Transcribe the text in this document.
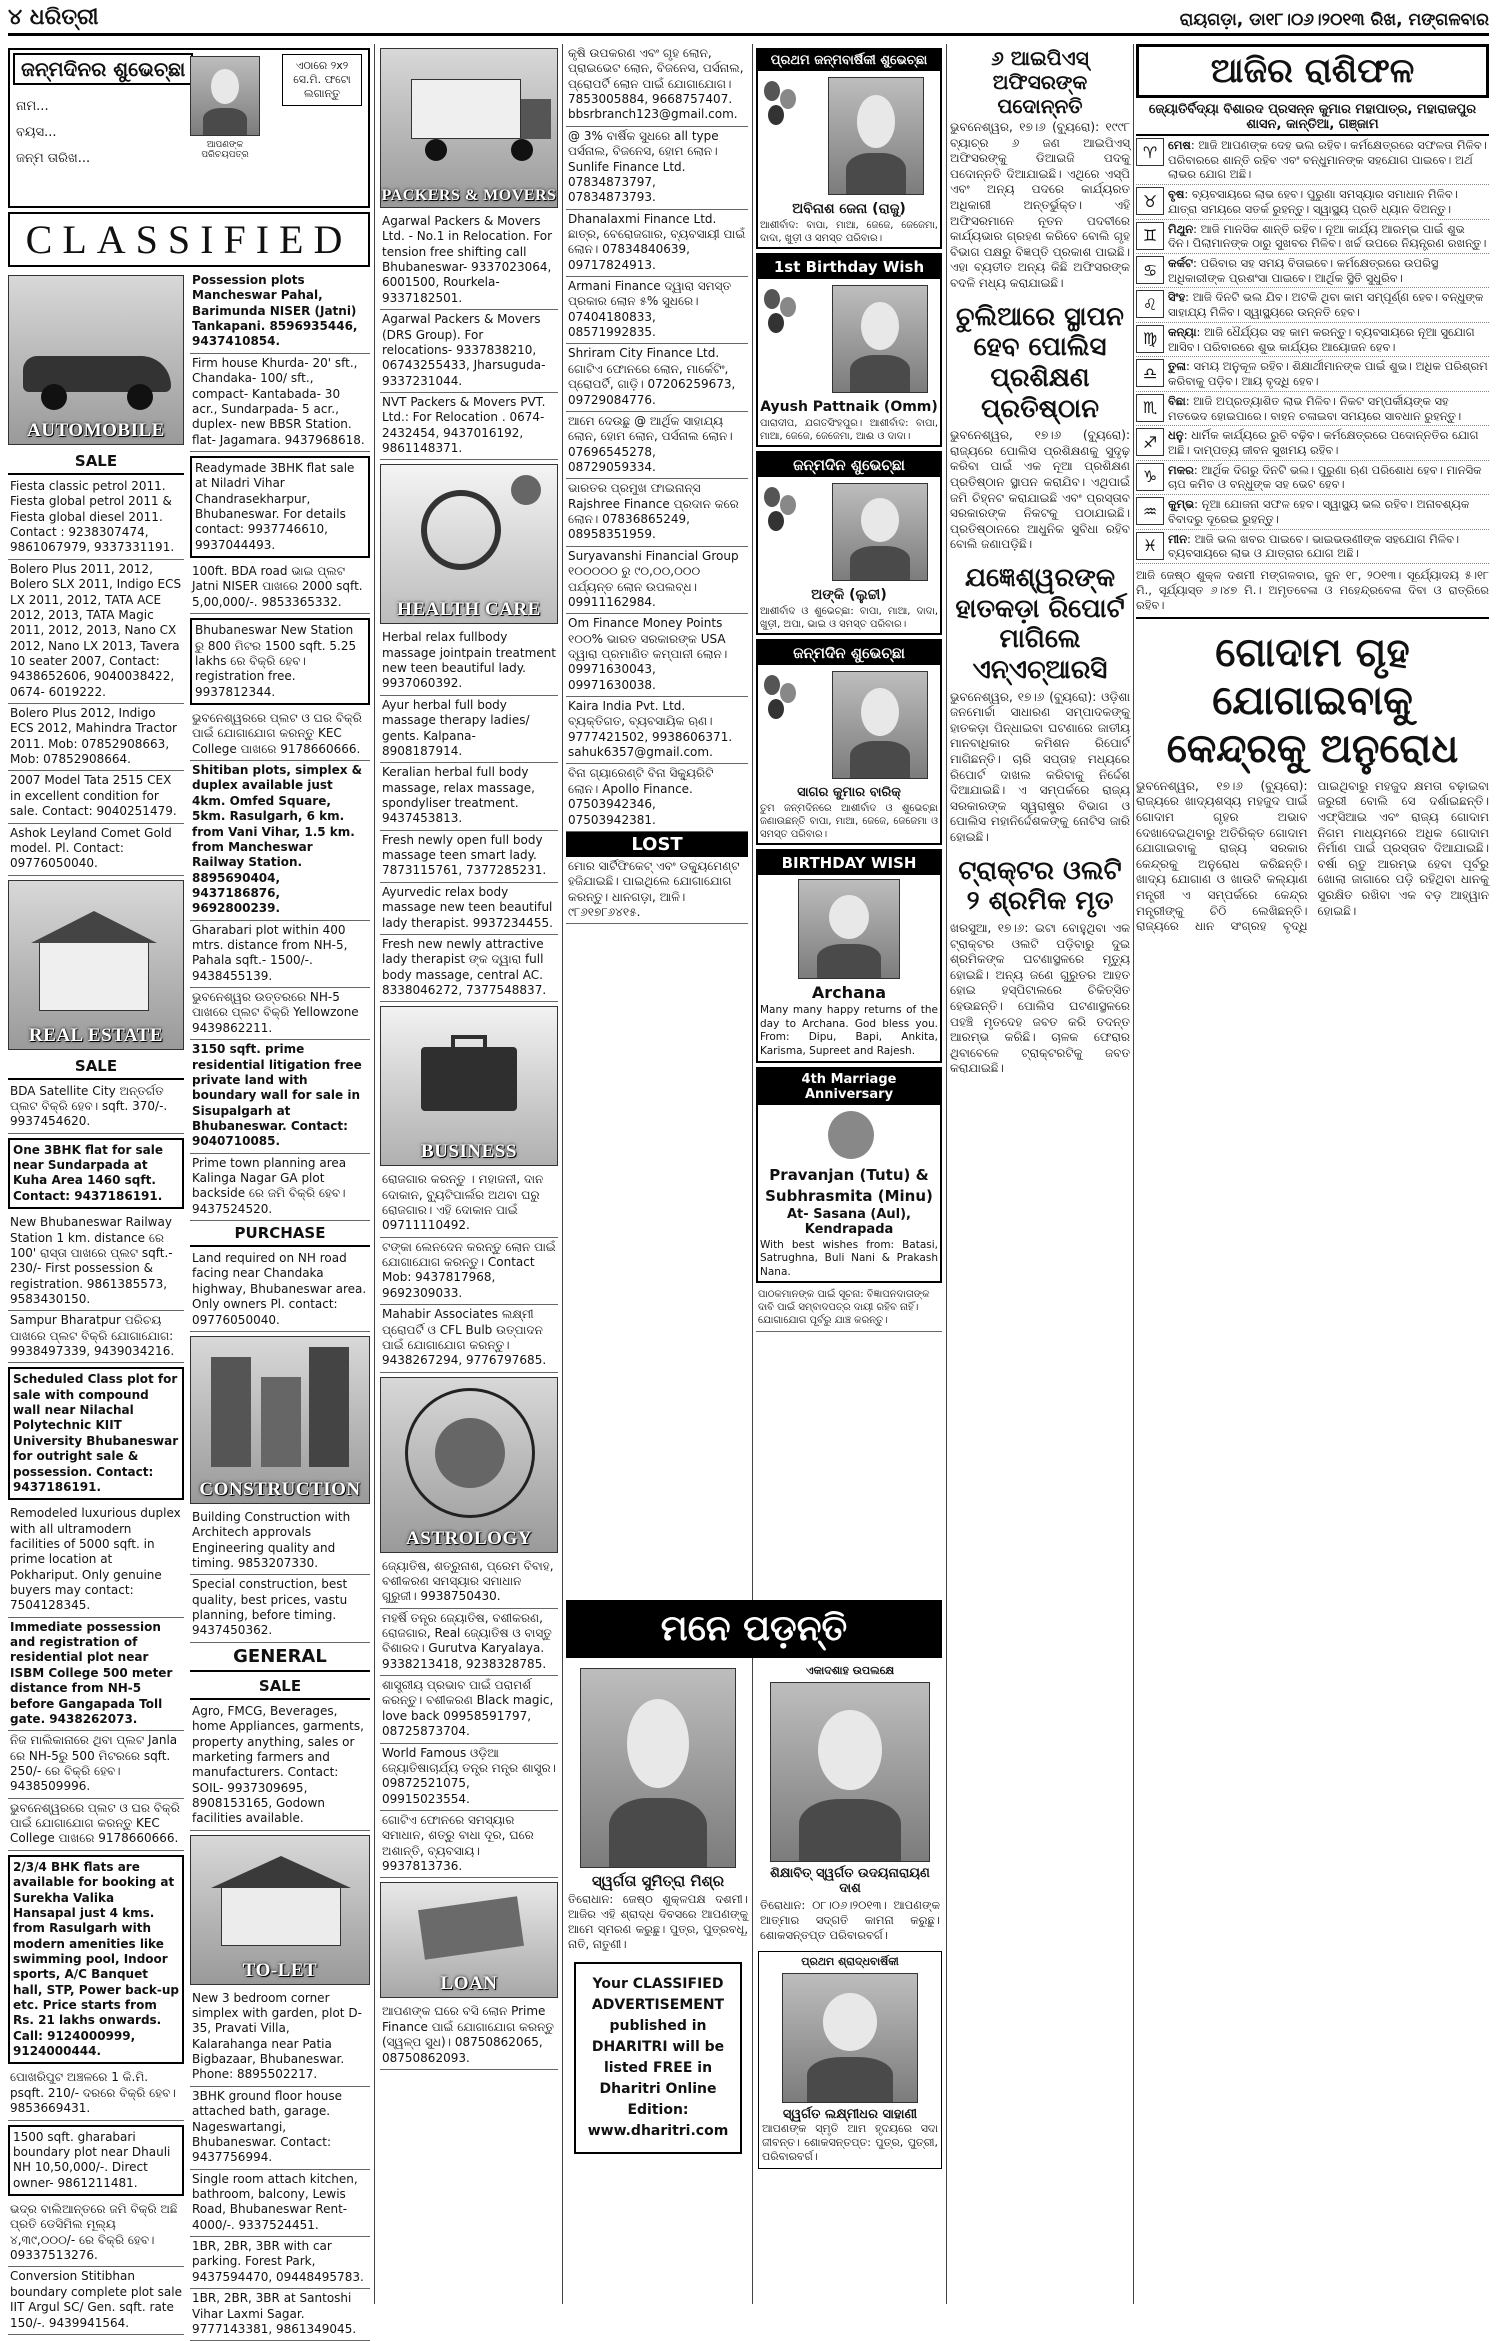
୪ ଧରିତ୍ରୀ	ରାୟଗଡ଼ା, ଡା୧୮।୦୬।୨୦୧୩ ରିଖ, ମଙ୍ଗଳବାର
ଜନ୍ମଦିନର ଶୁଭେଚ୍ଛା	ଏଠାରେ ୨x୨ ସେ.ମି. ଫଟୋ ଲଗାନ୍ତୁ
ଆପଣଙ୍କ ପରିଚୟପତ୍ର
ନାମ...
ବୟସ...
ଜନ୍ମ ତାରିଖ...
CLASSIFIED
AUTOMOBILE
SALE
Fiesta classic petrol 2011. Fiesta global petrol 2011 & Fiesta global diesel 2011. Contact : 9238307474, 9861067979, 9337331191.
Bolero Plus 2011, 2012, Bolero SLX 2011, Indigo ECS LX 2011, 2012, TATA ACE 2012, 2013, TATA Magic 2011, 2012, 2013, Nano CX 2012, Nano LX 2013, Tavera 10 seater 2007, Contact: 9438652606, 9040038422, 0674- 6019222.
Bolero Plus 2012, Indigo ECS 2012, Mahindra Tractor 2011. Mob: 07852908663, Mob: 07852908664.
2007 Model Tata 2515 CEX in excellent condition for sale. Contact: 9040251479.
Ashok Leyland Comet Gold model. Pl. Contact: 09776050040.
REAL ESTATE
SALE
BDA Satellite City ଅନ୍ତର୍ଗତ ପ୍ଲଟ ବିକ୍ରି ହେବ। sqft. 370/-. 9937454620.
One 3BHK flat for sale near Sundarpada at Kuha Area 1460 sqft. Contact: 9437186191.
New Bhubaneswar Railway Station 1 km. distance ରେ 100' ରାସ୍ତା ପାଖରେ ପ୍ଲଟ sqft.- 230/- First possession & registration. 9861385573, 9583430150.
Sampur Bharatpur ପରିଚୟ ପାଖରେ ପ୍ଲଟ ବିକ୍ରି ଯୋଗାଯୋଗ: 9938497339, 9439034216.
Scheduled Class plot for sale with compound wall near Nilachal Polytechnic KIIT University Bhubaneswar for outright sale & possession. Contact: 9437186191.
Remodeled luxurious duplex with all ultramodern facilities of 5000 sqft. in prime location at Pokhariput. Only genuine buyers may contact: 7504128345.
Immediate possession and registration of residential plot near ISBM College 500 meter distance from NH-5 before Gangapada Toll gate. 9438262073.
ନିଜ ମାଲିକାନାରେ ଥିବା ପ୍ଲଟ Janla ରେ NH-5ରୁ 500 ମିଟରରେ sqft. 250/- ରେ ବିକ୍ରି ହେବ। 9438509996.
ଭୁବନେଶ୍ୱରରେ ପ୍ଲଟ ଓ ଘର ବିକ୍ରି ପାଇଁ ଯୋଗାଯୋଗ କରନ୍ତୁ KEC College ପାଖରେ 9178660666.
2/3/4 BHK flats are available for booking at Surekha Valika Hansapal just 4 kms. from Rasulgarh with modern amenities like swimming pool, Indoor sports, A/C Banquet hall, STP, Power back-up etc. Price starts from Rs. 21 lakhs onwards. Call: 9124000999, 9124000444.
ପୋଖରିପୁଟ ଅଞ୍ଚଳରେ 1 କି.ମି. psqft. 210/- ଦରରେ ବିକ୍ରି ହେବ। 9853669431.
1500 sqft. gharabari boundary plot near Dhauli NH 10,50,000/-. Direct owner- 9861211481.
ଭଦ୍ର ବାଲିଆନ୍ତରେ ଜମି ବିକ୍ରି ଅଛି ପ୍ରତି ଡେସିମିଲ ମୂଲ୍ୟ ୪,୩୯,୦୦୦/- ରେ ବିକ୍ରି ହେବ। 09337513276.
Conversion Stitibhan boundary complete plot sale IIT Argul SC/ Gen. sqft. rate 150/-. 9439941564.
Possession plots Mancheswar Pahal, Barimunda NISER (Jatni) Tankapani. 8596935446, 9437410854.
Firm house Khurda- 20' sft., Chandaka- 100/ sft., compact- Kantabada- 30 acr., Sundarpada- 5 acr., duplex- new BBSR Station. flat- Jagamara. 9437968618.
Readymade 3BHK flat sale at Niladri Vihar Chandrasekharpur, Bhubaneswar. For details contact: 9937746610, 9937044493.
100ft. BDA road ଭାଇ ପ୍ଲଟ Jatni NISER ପାଖରେ 2000 sqft. 5,00,000/-. 9853365332.
Bhubaneswar New Station ରୁ 800 ମିଟର 1500 sqft. 5.25 lakhs ରେ ବିକ୍ରି ହେବ। registration free. 9937812344.
ଭୁବନେଶ୍ୱରରେ ପ୍ଲଟ ଓ ଘର ବିକ୍ରି ପାଇଁ ଯୋଗାଯୋଗ କରନ୍ତୁ KEC College ପାଖରେ 9178660666.
Shitiban plots, simplex & duplex available just 4km. Omfed Square, 5km. Rasulgarh, 6 km. from Vani Vihar, 1.5 km. from Mancheswar Railway Station. 8895690404, 9437186876, 9692800239.
Gharabari plot within 400 mtrs. distance from NH-5, Pahala sqft.- 1500/-. 9438455139.
ଭୁବନେଶ୍ୱର ଉତ୍ତରରେ NH-5 ପାଖରେ ପ୍ଲଟ ବିକ୍ରି Yellowzone 9439862211.
3150 sqft. prime residential litigation free private land with boundary wall for sale in Sisupalgarh at Bhubaneswar. Contact: 9040710085.
Prime town planning area Kalinga Nagar GA plot backside ରେ ଜମି ବିକ୍ରି ହେବ। 9437524520.
PURCHASE
Land required on NH road facing near Chandaka highway, Bhubaneswar area. Only owners Pl. contact: 09776050040.
CONSTRUCTION
Building Construction with Architech approvals Engineering quality and timing. 9853207330.
Special construction, best quality, best prices, vastu planning, before timing. 9437450362.
GENERAL
SALE
Agro, FMCG, Beverages, home Appliances, garments, property anything, sales or marketing farmers and manufacturers. Contact: SOIL- 9937309695, 8908153165, Godown facilities available.
TO-LET
New 3 bedroom corner simplex with garden, plot D-35, Pravati Villa, Kalarahanga near Patia Bigbazaar, Bhubaneswar. Phone: 8895502217.
3BHK ground floor house attached bath, garage. Nageswartangi, Bhubaneswar. Contact: 9437756994.
Single room attach kitchen, bathroom, balcony, Lewis Road, Bhubaneswar Rent- 4000/-. 9337524451.
1BR, 2BR, 3BR with car parking. Forest Park, 9437594470, 09448495783.
1BR, 2BR, 3BR at Santoshi Vihar Laxmi Sagar. 9777143381, 9861349045.
PACKERS & MOVERS
Agarwal Packers & Movers Ltd. - No.1 in Relocation. For tension free shifting call Bhubaneswar- 9337023064, 6001500, Rourkela- 9337182501.
Agarwal Packers & Movers (DRS Group). For relocations- 9337838210, 06743255433, Jharsuguda- 9337231044.
NVT Packers & Movers PVT. Ltd.: For Relocation . 0674-2432454, 9437016192, 9861148371.
HEALTH CARE
Herbal relax fullbody massage jointpain treatment new teen beautiful lady. 9937060392.
Ayur herbal full body massage therapy ladies/ gents. Kalpana- 8908187914.
Keralian herbal full body massage, relax massage, spondyliser treatment. 9437453813.
Fresh newly open full body massage teen smart lady. 7873115761, 7377285231.
Ayurvedic relax body massage new teen beautiful lady therapist. 9937234455.
Fresh new newly attractive lady therapist ଙ୍କ ଦ୍ୱାରା full body massage, central AC. 8338046272, 7377548837.
BUSINESS
ରୋଜଗାର କରନ୍ତୁ । ମହାଜନୀ, ଦାନ ଦୋକାନ, ବ୍ୟୁଟିପାର୍ଲର ଅଥବା ଘରୁ ରୋଜଗାର। ଏହି ଦୋକାନ ପାଇଁ 09711110492.
ଟଙ୍କା ଲେନଦେନ କରନ୍ତୁ ଲୋନ ପାଇଁ ଯୋଗାଯୋଗ କରନ୍ତୁ। Contact Mob: 9437817968, 9692309033.
Mahabir Associates ଲକ୍ଷ୍ମୀ ପ୍ରୋପର୍ଟି ଓ CFL Bulb ଉତ୍ପାଦନ ପାଇଁ ଯୋଗାଯୋଗ କରନ୍ତୁ। 9438267294, 9776797685.
ASTROLOGY
ଜ୍ୟୋତିଷ, ଶତ୍ରୁନାଶ, ପ୍ରେମ ବିବାହ, ବଶୀକରଣ ସମସ୍ୟାର ସମାଧାନ ଗୁରୁଜୀ। 9938750430.
ମହର୍ଷି ତନ୍ତ୍ର ଜ୍ୟୋତିଷ, ବଶୀକରଣ, ରୋଜଗାର, Real ଜ୍ୟୋତିଷ ଓ ବାସ୍ତୁ ବିଶାରଦ। Gurutva Karyalaya. 9338213418, 9238328785.
ଶାସ୍ତ୍ରୀୟ ପ୍ରଭାବ ପାଇଁ ପରାମର୍ଶ କରନ୍ତୁ। ବଶୀକରଣ Black magic, love back 09958591797, 08725873704.
World Famous ଓଡ଼ିଆ ଜ୍ୟୋତିଷାଚାର୍ଯ୍ୟ ତନ୍ତ୍ର ମନ୍ତ୍ର ଶାସ୍ତ୍ର। 09872521075, 09915023554.
ଗୋଟିଏ ଫୋନରେ ସମସ୍ୟାର ସମାଧାନ, ଶତ୍ରୁ ବାଧା ଦୂର, ଘରେ ଅଶାନ୍ତି, ବ୍ୟବସାୟ। 9937813736.
LOAN
ଆପଣଙ୍କ ଘରେ ବସି ଲୋନ Prime Finance ପାଇଁ ଯୋଗାଯୋଗ କରନ୍ତୁ (ସ୍ୱଳ୍ପ ସୁଧ)। 08750862065, 08750862093.
କୃଷି ଉପକରଣ ଏବଂ ଗୃହ ଲୋନ, ପ୍ରାଇଭେଟ ଲୋନ, ବିଜନେସ, ପର୍ସନାଲ, ପ୍ରୋପର୍ଟି ଲୋନ ପାଇଁ ଯୋଗାଯୋଗ। 7853005884, 9668757407. bbsrbranch123@gmail.com.
@ 3% ବାର୍ଷିକ ସୁଧରେ all type ପର୍ସନାଲ, ବିଜନେସ, ହୋମ ଲୋନ। Sunlife Finance Ltd. 07834873797, 07834873793.
Dhanalaxmi Finance Ltd. ଛାତ୍ର, ବେରୋଜଗାର, ବ୍ୟବସାୟୀ ପାଇଁ ଲୋନ। 07834840639, 09717824913.
Armani Finance ଦ୍ୱାରା ସମସ୍ତ ପ୍ରକାର ଲୋନ ୫% ସୁଧରେ। 07404180833, 08571992835.
Shriram City Finance Ltd. ଗୋଟିଏ ଫୋନରେ ଲୋନ, ମାର୍କେଟିଂ, ପ୍ରୋପର୍ଟି, ଗାଡ଼ି। 07206259673, 09729084776.
ଆମେ ଦେଉଛୁ @ ଆର୍ଥିକ ସାହାଯ୍ୟ ଲୋନ, ହୋମ ଲୋନ, ପର୍ସନାଲ ଲୋନ। 07696545278, 08729059334.
ଭାରତର ପ୍ରମୁଖ ଫାଇନାନ୍ସ Rajshree Finance ପ୍ରଦାନ କରେ ଲୋନ। 07836865249, 08958351959.
Suryavanshi Financial Group ୧୦୦୦୦୦ ରୁ ୯୦,୦୦,୦୦୦ ପର୍ଯ୍ୟନ୍ତ ଲୋନ ଉପଲବ୍ଧ। 09911162984.
Om Finance Money Points ୧୦୦% ଭାରତ ସରକାରଙ୍କ USA ଦ୍ୱାରା ପ୍ରମାଣିତ କମ୍ପାନୀ ଲୋନ। 09971630043, 09971630038.
Kaira India Pvt. Ltd. ବ୍ୟକ୍ତିଗତ, ବ୍ୟବସାୟିକ ଋଣ। 9777421502, 9938606371. sahuk6357@gmail.com.
ବିନା ଗ୍ୟାରେଣ୍ଟି ବିନା ସିକ୍ୟୁରିଟି ଲୋନ। Apollo Finance. 07503942346, 07503942381.
LOST
ମୋର ସାର୍ଟିଫିକେଟ୍ ଏବଂ ଡକ୍ୟୁମେଣ୍ଟ ହଜିଯାଇଛି। ପାଇଥିଲେ ଯୋଗାଯୋଗ କରନ୍ତୁ। ଧାନଗଡ଼ା, ଆଳି। ୯୮୬୧୭୮୬୪୧୫.
ମନେ ପଡ଼ନ୍ତି
ସ୍ୱର୍ଗତା ସୁମିତ୍ରା ମିଶ୍ର
ତିରୋଧାନ: ଜେଷ୍ଠ ଶୁକ୍ଳପକ୍ଷ ଦଶମୀ। ଆଜିର ଏହି ଶ୍ରାଦ୍ଧ ଦିବସରେ ଆପଣଙ୍କୁ ଆମେ ସ୍ମରଣ କରୁଛୁ। ପୁତ୍ର, ପୁତ୍ରବଧୂ, ନାତି, ନାତୁଣୀ।
Your CLASSIFIED ADVERTISEMENT published in DHARITRI will be listed FREE in Dharitri Online Edition: www.dharitri.com
ଏକାଦଶାହ ଉପଲକ୍ଷେ
ଶିକ୍ଷାବିତ୍ ସ୍ୱର୍ଗତ ଉଦୟନାରାୟଣ ଦାଶ
ତିରୋଧାନ: ୦୮।୦୬।୨୦୧୩। ଆପଣଙ୍କ ଆତ୍ମାର ସଦ୍‌ଗତି କାମନା କରୁଛୁ। ଶୋକସନ୍ତପ୍ତ ପରିବାରବର୍ଗ।
ପ୍ରଥମ ଶ୍ରାଦ୍ଧବାର୍ଷିକୀ
ସ୍ୱର୍ଗତ ଲକ୍ଷ୍ମୀଧର ସାହାଣୀ
ଆପଣଙ୍କ ସ୍ମୃତି ଆମ ହୃଦୟରେ ସଦା ଜୀବନ୍ତ। ଶୋକସନ୍ତପ୍ତ: ପୁତ୍ର, ପୁତ୍ରୀ, ପରିବାରବର୍ଗ।
ପ୍ରଥମ ଜନ୍ମବାର୍ଷିକୀ ଶୁଭେଚ୍ଛା
ଅବିନାଶ ଜେନା (ରାଜୁ)
ଆଶୀର୍ବାଦ: ବାପା, ମାଆ, ଜେଜେ, ଜେଜେମା, ଦାଦା, ଖୁଡ଼ୀ ଓ ସମସ୍ତ ପରିବାର।
1st Birthday Wish
Ayush Pattnaik (Omm)
ପାରାଦୀପ, ଯଗତସିଂହପୁର। ଆଶୀର୍ବାଦ: ବାପା, ମାଆ, ଜେଜେ, ଜେଜେମା, ଆଈ ଓ ଦାଦା।
ଜନ୍ମଦିନ ଶୁଭେଚ୍ଛା
ଅଙ୍କି (ଲୁଚ୍ଚୀ)
ଆଶୀର୍ବାଦ ଓ ଶୁଭେଚ୍ଛା: ବାପା, ମାଆ, ଦାଦା, ଖୁଡ଼ୀ, ଅପା, ଭାଇ ଓ ସମସ୍ତ ପରିବାର।
ଜନ୍ମଦିନ ଶୁଭେଚ୍ଛା
ସାଗର କୁମାର ବାରିକ୍
ତୁମ ଜନ୍ମଦିନରେ ଆଶୀର୍ବାଦ ଓ ଶୁଭେଚ୍ଛା ଜଣାଉଛନ୍ତି ବାପା, ମାଆ, ଜେଜେ, ଜେଜେମା ଓ ସମସ୍ତ ପରିବାର।
BIRTHDAY WISH
Archana
Many many happy returns of the day to Archana. God bless you. From: Dipu, Bapi, Ankita, Karisma, Supreet and Rajesh.
4th Marriage Anniversary
Pravanjan (Tutu) & Subhrasmita (Minu)
At- Sasana (Aul), Kendrapada
With best wishes from: Batasi, Satrughna, Buli Nani & Prakash Nana.
ପାଠକମାନଙ୍କ ପାଇଁ ସୂଚନା: ବିଜ୍ଞାପନଦାତାଙ୍କ ଦାବି ପାଇଁ ସମ୍ବାଦପତ୍ର ଦାୟୀ ରହିବ ନାହିଁ। ଯୋଗାଯୋଗ ପୂର୍ବରୁ ଯାଞ୍ଚ କରନ୍ତୁ।
୬ ଆଇପିଏସ୍ ଅଫିସରଙ୍କ ପଦୋନ୍ନତି
ଭୁବନେଶ୍ୱର, ୧୭।୬ (ବ୍ୟୁରୋ): ୧୯୯୮ ବ୍ୟାଚ୍‌ର ୬ ଜଣ ଆଇପିଏସ୍ ଅଫିସରଙ୍କୁ ଡିଆଇଜି ପଦକୁ ପଦୋନ୍ନତି ଦିଆଯାଇଛି। ଏଥିରେ ଏସ୍‌ପି ଏବଂ ଅନ୍ୟ ପଦରେ କାର୍ଯ୍ୟରତ ଅଧିକାରୀ ଅନ୍ତର୍ଭୁକ୍ତ। ଏହି ଅଫିସରମାନେ ନୂତନ ପଦବୀରେ କାର୍ଯ୍ୟଭାର ଗ୍ରହଣ କରିବେ ବୋଲି ଗୃହ ବିଭାଗ ପକ୍ଷରୁ ବିଜ୍ଞପ୍ତି ପ୍ରକାଶ ପାଇଛି। ଏହା ବ୍ୟତୀତ ଅନ୍ୟ କିଛି ଅଫିସରଙ୍କ ବଦଳି ମଧ୍ୟ କରାଯାଇଛି।
ଚୁଲିଆରେ ସ୍ଥାପନ ହେବ ପୋଲିସ ପ୍ରଶିକ୍ଷଣ ପ୍ରତିଷ୍ଠାନ
ଭୁବନେଶ୍ୱର, ୧୭।୬ (ବ୍ୟୁରୋ): ରାଜ୍ୟରେ ପୋଲିସ ପ୍ରଶିକ୍ଷଣକୁ ସୁଦୃଢ଼ କରିବା ପାଇଁ ଏକ ନୂଆ ପ୍ରଶିକ୍ଷଣ ପ୍ରତିଷ୍ଠାନ ସ୍ଥାପନ କରାଯିବ। ଏଥିପାଇଁ ଜମି ଚିହ୍ନଟ କରାଯାଇଛି ଏବଂ ପ୍ରସ୍ତାବ ସରକାରଙ୍କ ନିକଟକୁ ପଠାଯାଇଛି। ପ୍ରତିଷ୍ଠାନରେ ଆଧୁନିକ ସୁବିଧା ରହିବ ବୋଲି ଜଣାପଡ଼ିଛି।
ଯଜ୍ଞେଶ୍ୱରଙ୍କ ହାତକଡ଼ା ରିପୋର୍ଟ ମାଗିଲେ ଏନ୍‌ଏଚ୍‌ଆରସି
ଭୁବନେଶ୍ୱର, ୧୭।୬ (ବ୍ୟୁରୋ): ଓଡ଼ିଶା ଜନମୋର୍ଚ୍ଚା ସାଧାରଣ ସମ୍ପାଦକଙ୍କୁ ହାତକଡ଼ା ପିନ୍ଧାଇବା ଘଟଣାରେ ଜାତୀୟ ମାନବାଧିକାର କମିଶନ ରିପୋର୍ଟ ମାଗିଛନ୍ତି। ଚାରି ସପ୍ତାହ ମଧ୍ୟରେ ରିପୋର୍ଟ ଦାଖଲ କରିବାକୁ ନିର୍ଦ୍ଦେଶ ଦିଆଯାଇଛି। ଏ ସମ୍ପର୍କରେ ରାଜ୍ୟ ସରକାରଙ୍କ ସ୍ୱରାଷ୍ଟ୍ର ବିଭାଗ ଓ ପୋଲିସ ମହାନିର୍ଦ୍ଦେଶକଙ୍କୁ ନୋଟିସ ଜାରି ହୋଇଛି।
ଟ୍ରାକ୍ଟର ଓଲଟି ୨ ଶ୍ରମିକ ମୃତ
ଖରସୁଆ, ୧୭।୬: ଇଟା ବୋହୁଥିବା ଏକ ଟ୍ରାକ୍ଟର ଓଲଟି ପଡ଼ିବାରୁ ଦୁଇ ଶ୍ରମିକଙ୍କ ଘଟଣାସ୍ଥଳରେ ମୃତ୍ୟୁ ହୋଇଛି। ଅନ୍ୟ ଜଣେ ଗୁରୁତର ଆହତ ହୋଇ ହସ୍ପିଟାଲରେ ଚିକିତ୍ସିତ ହେଉଛନ୍ତି। ପୋଲିସ ଘଟଣାସ୍ଥଳରେ ପହଞ୍ଚି ମୃତଦେହ ଜବତ କରି ତଦନ୍ତ ଆରମ୍ଭ କରିଛି। ଚାଳକ ଫେରାର ଥିବାବେଳେ ଟ୍ରାକ୍ଟରଟିକୁ ଜବତ କରାଯାଇଛି।
ଆଜିର ରାଶିଫଳ
ଜ୍ୟୋତିର୍ବିଦ୍ୟା ବିଶାରଦ ପ୍ରସନ୍ନ କୁମାର ମହାପାତ୍ର, ମହାରାଜପୁର ଶାସନ, କାନ୍ତିଆ, ଗଞ୍ଜାମ
♈ ମେଷ: ଆଜି ଆପଣଙ୍କ ଦେହ ଭଲ ରହିବ। କର୍ମକ୍ଷେତ୍ରରେ ସଫଳତା ମିଳିବ। ପରିବାରରେ ଶାନ୍ତି ରହିବ ଏବଂ ବନ୍ଧୁମାନଙ୍କ ସହଯୋଗ ପାଇବେ। ଅର୍ଥ ଲାଭର ଯୋଗ ଅଛି।
♉ ବୃଷ: ବ୍ୟବସାୟରେ ଲାଭ ହେବ। ପୁରୁଣା ସମସ୍ୟାର ସମାଧାନ ମିଳିବ। ଯାତ୍ରା ସମୟରେ ସତର୍କ ରୁହନ୍ତୁ। ସ୍ୱାସ୍ଥ୍ୟ ପ୍ରତି ଧ୍ୟାନ ଦିଅନ୍ତୁ।
♊ ମିଥୁନ: ଆଜି ମାନସିକ ଶାନ୍ତି ରହିବ। ନୂଆ କାର୍ଯ୍ୟ ଆରମ୍ଭ ପାଇଁ ଶୁଭ ଦିନ। ପିଲାମାନଙ୍କ ଠାରୁ ସୁଖବର ମିଳିବ। ଖର୍ଚ୍ଚ ଉପରେ ନିୟନ୍ତ୍ରଣ ରଖନ୍ତୁ।
♋ କର୍କଟ: ପରିବାର ସହ ସମୟ ବିତାଇବେ। କର୍ମକ୍ଷେତ୍ରରେ ଉପରିସ୍ଥ ଅଧିକାରୀଙ୍କ ପ୍ରଶଂସା ପାଇବେ। ଆର୍ଥିକ ସ୍ଥିତି ସୁଧୁରିବ।
♌ ସିଂହ: ଆଜି ଦିନଟି ଭଲ ଯିବ। ଅଟକି ଥିବା କାମ ସମ୍ପୂର୍ଣ୍ଣ ହେବ। ବନ୍ଧୁଙ୍କ ସାହାଯ୍ୟ ମିଳିବ। ସ୍ୱାସ୍ଥ୍ୟରେ ଉନ୍ନତି ହେବ।
♍ କନ୍ୟା: ଆଜି ଧୈର୍ଯ୍ୟର ସହ କାମ କରନ୍ତୁ। ବ୍ୟବସାୟରେ ନୂଆ ସୁଯୋଗ ଆସିବ। ପରିବାରରେ ଶୁଭ କାର୍ଯ୍ୟର ଆୟୋଜନ ହେବ।
♎ ତୁଳା: ସମୟ ଅନୁକୂଳ ରହିବ। ଶିକ୍ଷାର୍ଥୀମାନଙ୍କ ପାଇଁ ଶୁଭ। ଅଧିକ ପରିଶ୍ରମ କରିବାକୁ ପଡ଼ିବ। ଆୟ ବୃଦ୍ଧି ହେବ।
♏ ବିଛା: ଆଜି ଅପ୍ରତ୍ୟାଶିତ ଲାଭ ମିଳିବ। ନିକଟ ସମ୍ପର୍କୀୟଙ୍କ ସହ ମତଭେଦ ହୋଇପାରେ। ବାହନ ଚଳାଇବା ସମୟରେ ସାବଧାନ ରୁହନ୍ତୁ।
♐ ଧନୁ: ଧାର୍ମିକ କାର୍ଯ୍ୟରେ ରୁଚି ବଢ଼ିବ। କର୍ମକ୍ଷେତ୍ରରେ ପଦୋନ୍ନତିର ଯୋଗ ଅଛି। ଦାମ୍ପତ୍ୟ ଜୀବନ ସୁଖମୟ ରହିବ।
♑ ମକର: ଆର୍ଥିକ ଦିଗରୁ ଦିନଟି ଭଲ। ପୁରୁଣା ଋଣ ପରିଶୋଧ ହେବ। ମାନସିକ ଚାପ କମିବ ଓ ବନ୍ଧୁଙ୍କ ସହ ଭେଟ ହେବ।
♒ କୁମ୍ଭ: ନୂଆ ଯୋଜନା ସଫଳ ହେବ। ସ୍ୱାସ୍ଥ୍ୟ ଭଲ ରହିବ। ଅନାବଶ୍ୟକ ବିବାଦରୁ ଦୂରେଇ ରୁହନ୍ତୁ।
♓ ମୀନ: ଆଜି ଭଲ ଖବର ପାଇବେ। ଭାଇଭଉଣୀଙ୍କ ସହଯୋଗ ମିଳିବ। ବ୍ୟବସାୟରେ ଲାଭ ଓ ଯାତ୍ରାର ଯୋଗ ଅଛି।
ଆଜି ଜେଷ୍ଠ ଶୁକ୍ଳ ଦଶମୀ ମଙ୍ଗଳବାର, ଜୁନ ୧୮, ୨୦୧୩। ସୂର୍ଯ୍ୟୋଦୟ ୫।୧୮ ମି., ସୂର୍ଯ୍ୟାସ୍ତ ୬।୪୭ ମି.। ଅମୃତବେଳା ଓ ମହେନ୍ଦ୍ରବେଳା ଦିବା ଓ ରାତ୍ରିରେ ରହିବ।
ଗୋଦାମ ଗୃହ ଯୋଗାଇବାକୁ କେନ୍ଦ୍ରକୁ ଅନୁରୋଧ
ଭୁବନେଶ୍ୱର, ୧୭।୬ (ବ୍ୟୁରୋ): ରାଜ୍ୟରେ ଖାଦ୍ୟଶସ୍ୟ ମହଜୁଦ ପାଇଁ ଗୋଦାମ ଗୃହର ଅଭାବ ଦେଖାଦେଇଥିବାରୁ ଅତିରିକ୍ତ ଗୋଦାମ ଯୋଗାଇବାକୁ ରାଜ୍ୟ ସରକାର କେନ୍ଦ୍ରକୁ ଅନୁରୋଧ କରିଛନ୍ତି। ଖାଦ୍ୟ ଯୋଗାଣ ଓ ଖାଉଟି କଲ୍ୟାଣ ମନ୍ତ୍ରୀ ଏ ସମ୍ପର୍କରେ କେନ୍ଦ୍ର ମନ୍ତ୍ରୀଙ୍କୁ ଚିଠି ଲେଖିଛନ୍ତି। ରାଜ୍ୟରେ ଧାନ ସଂଗ୍ରହ ବୃଦ୍ଧି ପାଇଥିବାରୁ ମହଜୁଦ କ୍ଷମତା ବଢ଼ାଇବା ଜରୁରୀ ବୋଲି ସେ ଦର୍ଶାଇଛନ୍ତି। ଏଫ୍‌ସିଆଇ ଏବଂ ରାଜ୍ୟ ଗୋଦାମ ନିଗମ ମାଧ୍ୟମରେ ଅଧିକ ଗୋଦାମ ନିର୍ମାଣ ପାଇଁ ପ୍ରସ୍ତାବ ଦିଆଯାଇଛି। ବର୍ଷା ଋତୁ ଆରମ୍ଭ ହେବା ପୂର୍ବରୁ ଖୋଲା ଜାଗାରେ ପଡ଼ି ରହିଥିବା ଧାନକୁ ସୁରକ୍ଷିତ ରଖିବା ଏକ ବଡ଼ ଆହ୍ୱାନ ହୋଇଛି।
